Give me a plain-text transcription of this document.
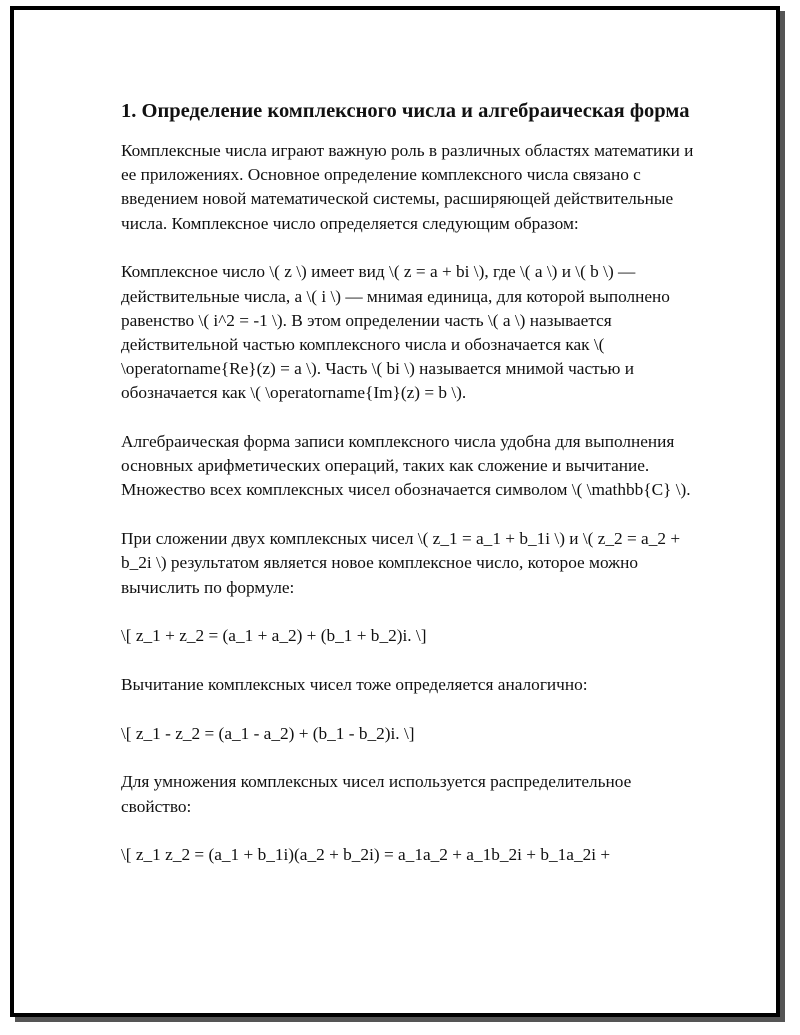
1. Определение комплексного числа и алгебраическая форма

Комплексные числа играют важную роль в различных областях математики и ее приложениях. Основное определение комплексного числа связано с введением новой математической системы, расширяющей действительные числа. Комплексное число определяется следующим образом:

Комплексное число \( z \) имеет вид \( z = a + bi \), где \( a \) и \( b \) — действительные числа, а \( i \) — мнимая единица, для которой выполнено равенство \( i^2 = -1 \). В этом определении часть \( a \) называется действительной частью комплексного числа и обозначается как \( \operatorname{Re}(z) = a \). Часть \( bi \) называется мнимой частью и обозначается как \( \operatorname{Im}(z) = b \).

Алгебраическая форма записи комплексного числа удобна для выполнения основных арифметических операций, таких как сложение и вычитание. Множество всех комплексных чисел обозначается символом \( \mathbb{C} \).

При сложении двух комплексных чисел \( z_1 = a_1 + b_1i \) и \( z_2 = a_2 + b_2i \) результатом является новое комплексное число, которое можно вычислить по формуле:

\[ z_1 + z_2 = (a_1 + a_2) + (b_1 + b_2)i. \]

Вычитание комплексных чисел тоже определяется аналогично:

\[ z_1 - z_2 = (a_1 - a_2) + (b_1 - b_2)i. \]

Для умножения комплексных чисел используется распределительное свойство:

\[ z_1 z_2 = (a_1 + b_1i)(a_2 + b_2i) = a_1a_2 + a_1b_2i + b_1a_2i +
